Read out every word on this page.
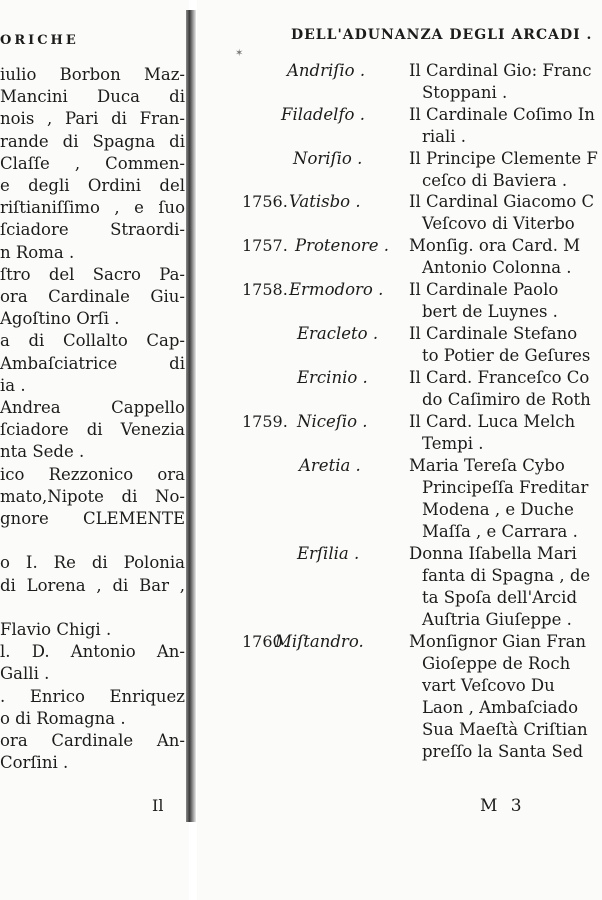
ORICHE
iulio Borbon Maz-
Mancini Duca di
nois , Pari di Fran-
rande di Spagna di
Claſſe , Commen-
e degli Ordini del
riſtianiſſimo , e ſuo
ſciadore Straordi-
n Roma .
ſtro del Sacro Pa-
ora Cardinale Giu-
Agoſtino Orſi .
a di Collalto Cap-
Ambaſciatrice di
ia .
Andrea Cappello
ſciadore di Venezia
nta Sede .
ico Rezzonico ora
mato,Nipote di No-
gnore CLEMENTE
o I. Re di Polonia
di Lorena , di Bar ,
Flavio Chigi .
l. D. Antonio An-
Galli .
. Enrico Enriquez
o di Romagna .
ora Cardinale An-
Corſini .
Il
✶
DELL'ADUNANZA DEGLI ARCADI .
Andriſio .	Il Cardinal Gio: Franc
Stoppani .
Filadelfo .	Il Cardinale Coſimo In
riali .
Noriſio .	Il Principe Clemente F
ceſco di Baviera .
1756. Vatisbo .	Il Cardinal Giacomo C
Veſcovo di Viterbo
1757. Protenore . Monſig. ora Card. M
Antonio Colonna .
1758. Ermodoro . Il Cardinale Paolo
bert de Luynes .
Eracleto . Il Cardinale Stefano
to Potier de Geſures
Ercinio . Il Card. Franceſco Co
do Caſimiro de Roth
1759. Niceſio .	Il Card. Luca Melch
Tempi .
Aretia .	Maria Tereſa Cybo
Principeſſa Freditar
Modena , e Duche
Maſſa , e Carrara .
Erſilia .	Donna Iſabella Mari
fanta di Spagna , de
ta Spoſa dell'Arcid
Auſtria Giuſeppe .
1760.
Miſtandro.	Monſignor Gian Fran
Gioſeppe de Roch
vart Veſcovo Du
Laon , Ambaſciado
Sua Maeſtà Criſtian
preſſo la Santa Sed
M 3
